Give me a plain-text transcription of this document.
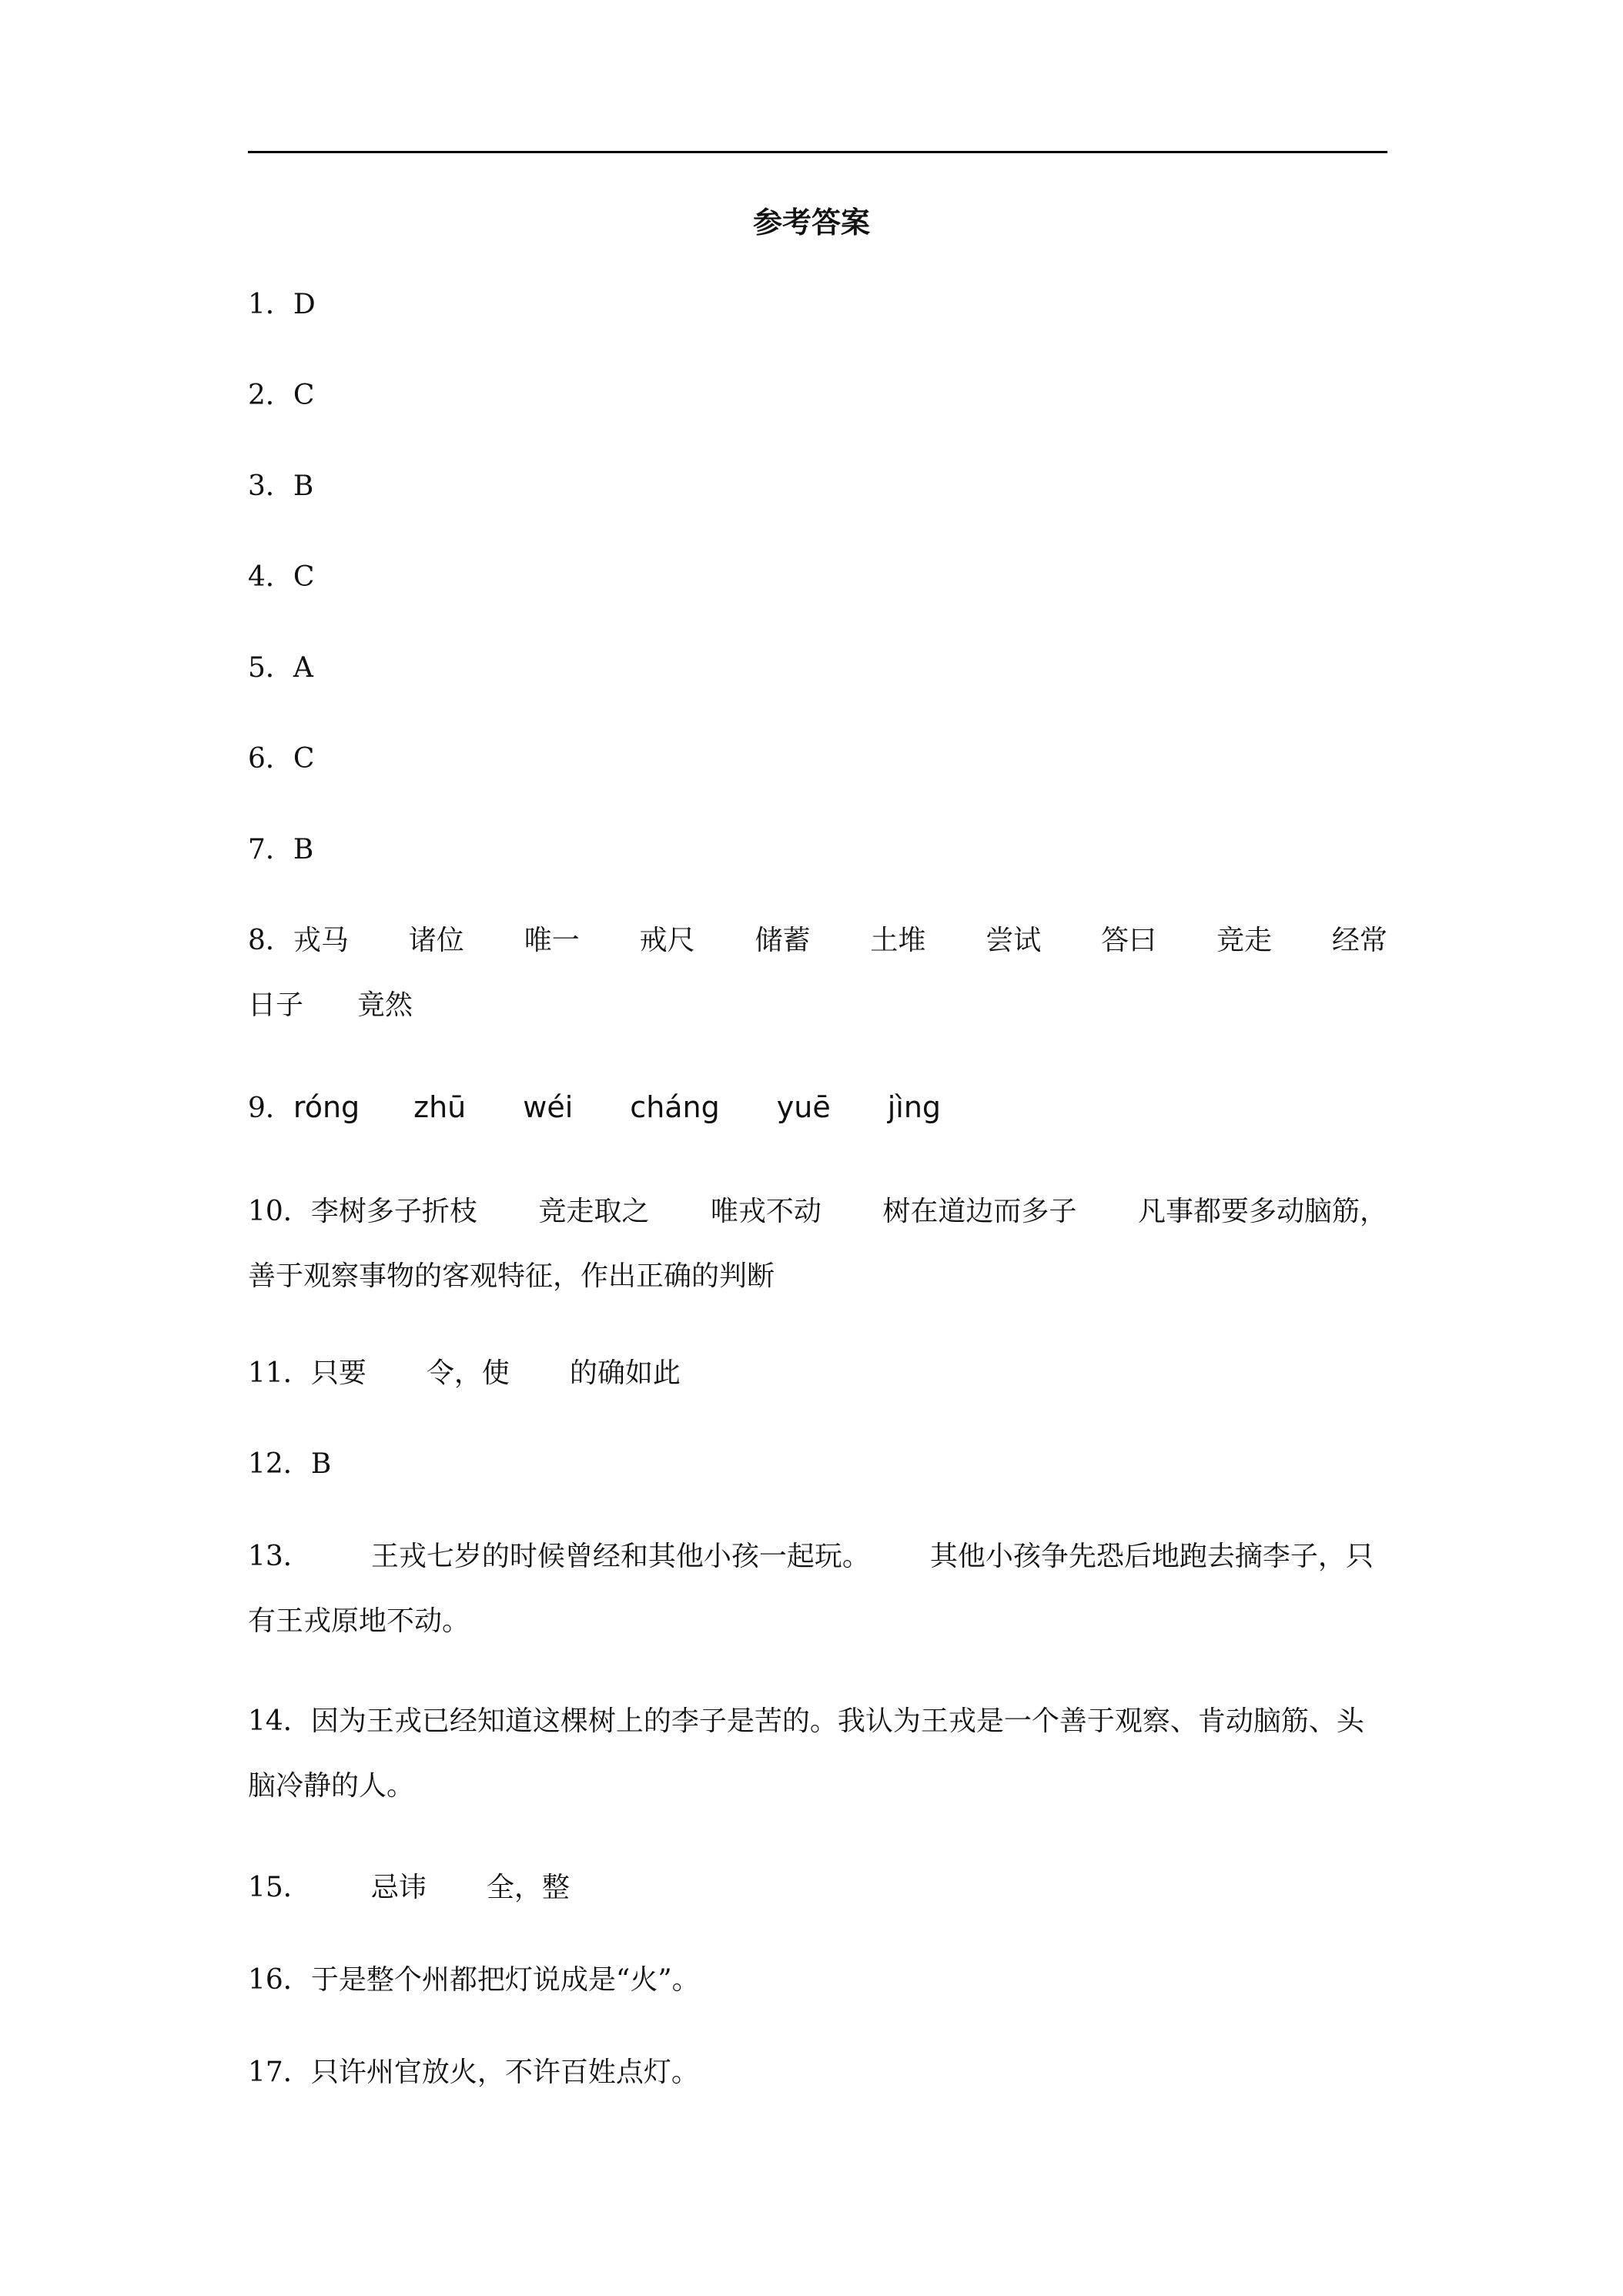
参考答案
1．D
2．C
3．B
4．C
5．A
6．C
7．B
8．戎马 诸位 唯一 戒尺 储蓄 土堆 尝试 答曰 竞走 经常
日子 竟然
9．róng zhū wéi cháng yuē jìng
10．李树多子折枝 竞走取之 唯戎不动 树在道边而多子 凡事都要多动脑筋，
善于观察事物的客观特征，作出正确的判断
11．只要 令，使 的确如此
12．B
13． 王戎七岁的时候曾经和其他小孩一起玩。 其他小孩争先恐后地跑去摘李子，只
有王戎原地不动。
14．因为王戎已经知道这棵树上的李子是苦的。我认为王戎是一个善于观察、肯动脑筋、头
脑冷静的人。
15． 忌讳 全，整
16．于是整个州都把灯说成是“火”。
17．只许州官放火，不许百姓点灯。
